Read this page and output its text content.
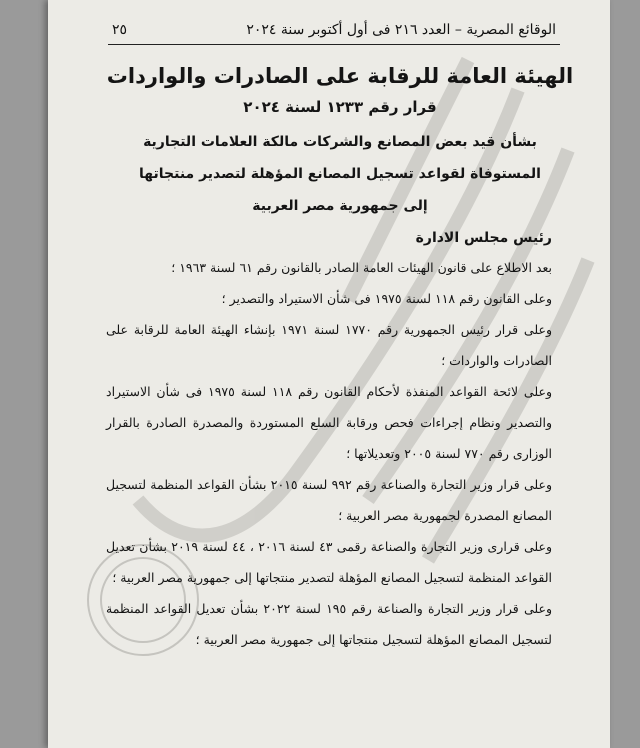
الوقائع المصرية – العدد ٢١٦ فى أول أكتوبر سنة ٢٠٢٤
٢٥
الهيئة العامة للرقابة على الصادرات والواردات
قرار رقم ١٢٣٣ لسنة ٢٠٢٤
بشأن قيد بعض المصانع والشركات مالكة العلامات التجارية
المستوفاة لقواعد تسجيل المصانع المؤهلة لتصدير منتجاتها
إلى جمهورية مصر العربية
رئيس مجلس الادارة

بعد الاطلاع على قانون الهيئات العامة الصادر بالقانون رقم ٦١ لسنة ١٩٦٣ ؛

وعلى القانون رقم ١١٨ لسنة ١٩٧٥ فى شأن الاستيراد والتصدير ؛

وعلى قرار رئيس الجمهورية رقم ١٧٧٠ لسنة ١٩٧١ بإنشاء الهيئة العامة للرقابة على الصادرات والواردات ؛

وعلى لائحة القواعد المنفذة لأحكام القانون رقم ١١٨ لسنة ١٩٧٥ فى شأن الاستيراد والتصدير ونظام إجراءات فحص ورقابة السلع المستوردة والمصدرة الصادرة بالقرار الوزارى رقم ٧٧٠ لسنة ٢٠٠٥ وتعديلاتها ؛

وعلى قرار وزير التجارة والصناعة رقم ٩٩٢ لسنة ٢٠١٥ بشأن القواعد المنظمة لتسجيل المصانع المصدرة لجمهورية مصر العربية ؛

وعلى قرارى وزير التجارة والصناعة رقمى ٤٣ لسنة ٢٠١٦ ، ٤٤ لسنة ٢٠١٩ بشأن تعديل القواعد المنظمة لتسجيل المصانع المؤهلة لتصدير منتجاتها إلى جمهورية مصر العربية ؛

وعلى قرار وزير التجارة والصناعة رقم ١٩٥ لسنة ٢٠٢٢ بشأن تعديل القواعد المنظمة لتسجيل المصانع المؤهلة لتسجيل منتجاتها إلى جمهورية مصر العربية ؛
